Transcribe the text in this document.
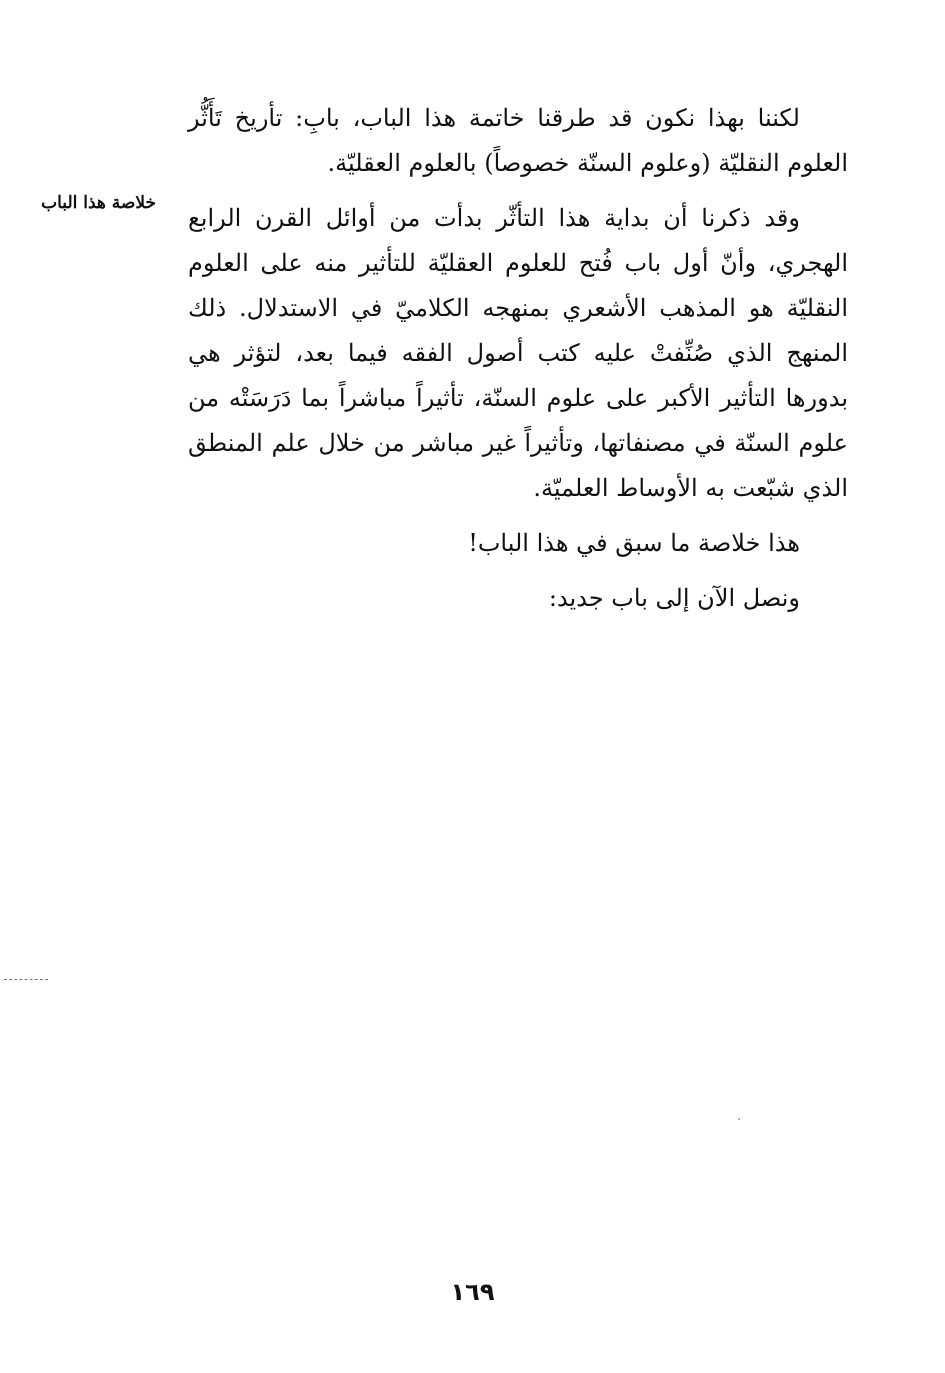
خلاصة هذا الباب

لكننا بهذا نكون قد طرقنا خاتمة هذا الباب، بابِ: تأريخ تَأَثُّر العلوم النقليّة (وعلوم السنّة خصوصاً) بالعلوم العقليّة.

وقد ذكرنا أن بداية هذا التأثّر بدأت من أوائل القرن الرابع الهجري، وأنّ أول باب فُتح للعلوم العقليّة للتأثير منه على العلوم النقليّة هو المذهب الأشعري بمنهجه الكلاميّ في الاستدلال. ذلك المنهج الذي صُنِّفتْ عليه كتب أصول الفقه فيما بعد، لتؤثر هي بدورها التأثير الأكبر على علوم السنّة، تأثيراً مباشراً بما دَرَسَتْه من علوم السنّة في مصنفاتها، وتأثيراً غير مباشر من خلال علم المنطق الذي شبّعت به الأوساط العلميّة.

هذا خلاصة ما سبق في هذا الباب!

ونصل الآن إلى باب جديد:

١٦٩
